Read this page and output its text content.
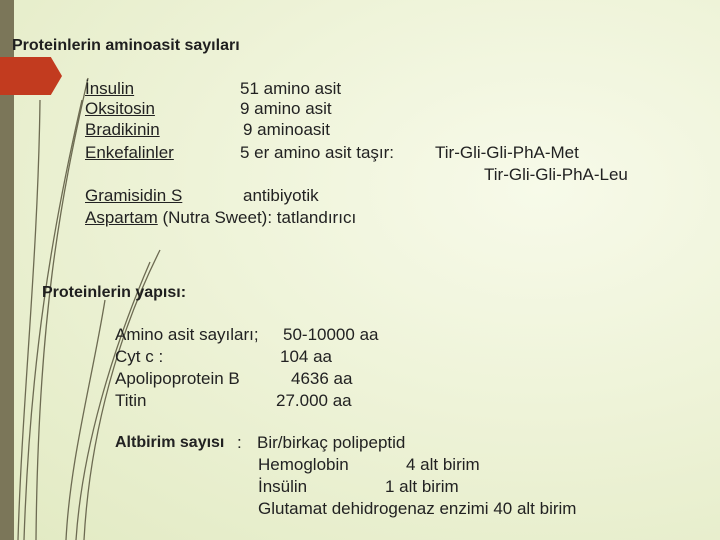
Proteinlerin aminoasit sayıları
İnsulin	51 amino asit
Oksitosin	9 amino asit
Bradikinin	9 aminoasit
Enkefalinler	5 er amino asit taşır: Tir-Gli-Gli-PhA-Met
Tir-Gli-Gli-PhA-Leu
Gramisidin S	antibiyotik
Aspartam (Nutra Sweet): tatlandırıcı
Proteinlerin yapısı:
Amino asit sayıları; 50-10000 aa
Cyt c :	104 aa
Apolipoprotein B	4636 aa
Titin	27.000 aa
Altbirim sayısı : Bir/birkaç polipeptid
Hemoglobin	4 alt birim
İnsülin	1 alt birim
Glutamat dehidrogenaz enzimi 40 alt birim
